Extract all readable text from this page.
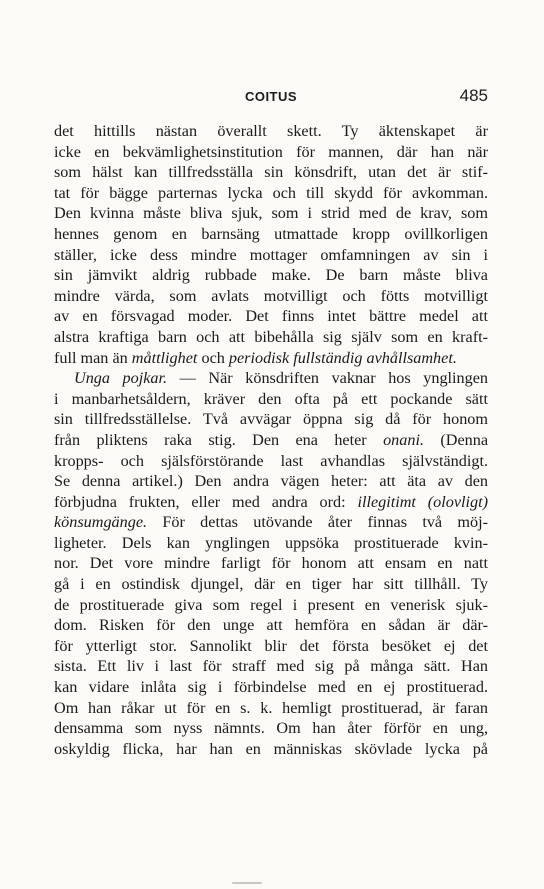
COITUS	485
det hittills nästan överallt skett. Ty äktenskapet är
icke en bekvämlighetsinstitution för mannen, där han när
som hälst kan tillfredsställa sin könsdrift, utan det är stif-
tat för bägge parternas lycka och till skydd för avkomman.
Den kvinna måste bliva sjuk, som i strid med de krav, som
hennes genom en barnsäng utmattade kropp ovillkorligen
ställer, icke dess mindre mottager omfamningen av sin i
sin jämvikt aldrig rubbade make. De barn måste bliva
mindre värda, som avlats motvilligt och fötts motvilligt
av en försvagad moder. Det finns intet bättre medel att
alstra kraftiga barn och att bibehålla sig själv som en kraft-
full man än måttlighet och periodisk fullständig avhållsamhet.
Unga pojkar. — När könsdriften vaknar hos ynglingen
i manbarhetsåldern, kräver den ofta på ett pockande sätt
sin tillfredsställelse. Två avvägar öppna sig då för honom
från pliktens raka stig. Den ena heter onani. (Denna
kropps- och själsförstörande last avhandlas självständigt.
Se denna artikel.) Den andra vägen heter: att äta av den
förbjudna frukten, eller med andra ord: illegitimt (olovligt)
könsumgänge. För dettas utövande åter finnas två möj-
ligheter. Dels kan ynglingen uppsöka prostituerade kvin-
nor. Det vore mindre farligt för honom att ensam en natt
gå i en ostindisk djungel, där en tiger har sitt tillhåll. Ty
de prostituerade giva som regel i present en venerisk sjuk-
dom. Risken för den unge att hemföra en sådan är där-
för ytterligt stor. Sannolikt blir det första besöket ej det
sista. Ett liv i last för straff med sig på många sätt. Han
kan vidare inlåta sig i förbindelse med en ej prostituerad.
Om han råkar ut för en s. k. hemligt prostituerad, är faran
densamma som nyss nämnts. Om han åter förför en ung,
oskyldig flicka, har han en människas skövlade lycka på
